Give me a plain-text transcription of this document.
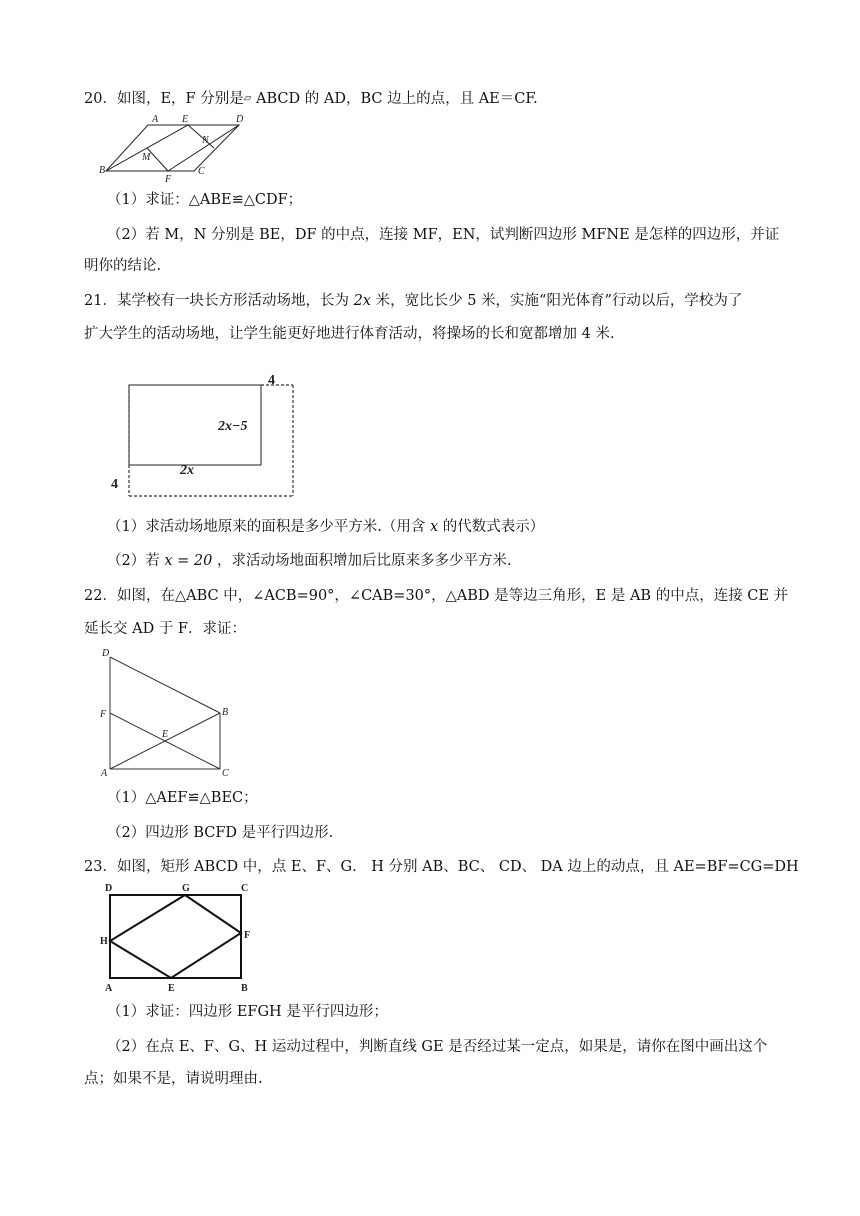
20．如图，E，F 分别是▱ ABCD 的 AD，BC 边上的点，且 AE＝CF.
A E	D
N
M
B
F
C
（1）求证：△ABE≌△CDF；
（2）若 M，N 分别是 BE，DF 的中点，连接 MF，EN，试判断四边形 MFNE 是怎样的四边形，并证
明你的结论.
21．某学校有一块长方形活动场地，长为 2x 米，宽比长少 5 米，实施“阳光体育”行动以后，学校为了
扩大学生的活动场地，让学生能更好地进行体育活动，将操场的长和宽都增加 4 米.
4
2x−5
2x
4
（1）求活动场地原来的面积是多少平方米.（用含 x 的代数式表示）
（2）若 x = 20 ，求活动场地面积增加后比原来多多少平方米.
22．如图，在△ABC 中，∠ACB=90°，∠CAB=30°，△ABD 是等边三角形，E 是 AB 的中点，连接 CE 并
延长交 AD 于 F．求证：
D
F	B
E
A	C
（1）△AEF≌△BEC；
（2）四边形 BCFD 是平行四边形.
23．如图，矩形 ABCD 中，点 E、F、G． H 分别 AB、BC、 CD、 DA 边上的动点，且 AE=BF=CG=DH
D	G	C
H
F
A	E	B
（1）求证：四边形 EFGH 是平行四边形；
（2）在点 E、F、G、H 运动过程中，判断直线 GE 是否经过某一定点，如果是，请你在图中画出这个
点；如果不是，请说明理由.
